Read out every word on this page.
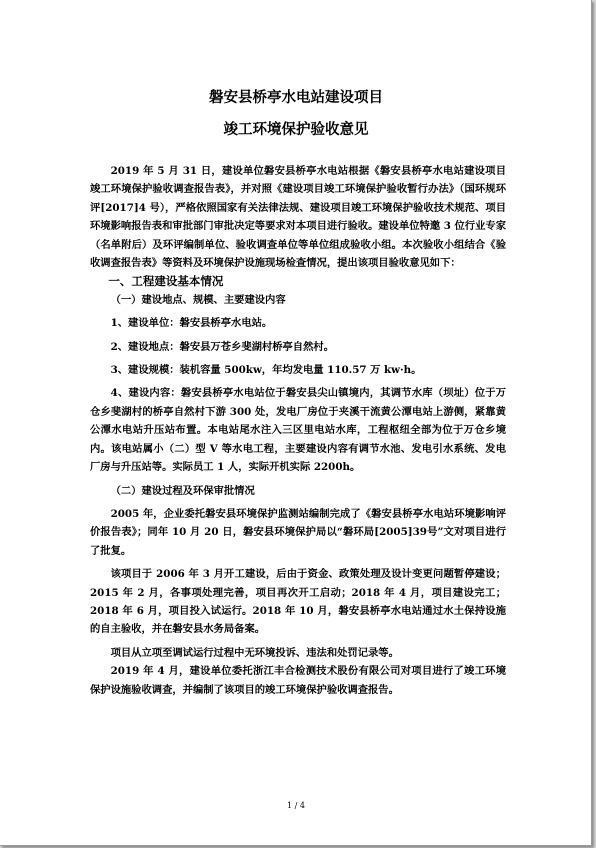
磐安县桥亭水电站建设项目
竣工环境保护验收意见

2019 年 5 月 31 日，建设单位磐安县桥亭水电站根据《磐安县桥亭水电站建设项目竣工环境保护验收调查报告表》，并对照《建设项目竣工环境保护验收暂行办法》（国环规环评[2017]4 号），严格依照国家有关法律法规、建设项目竣工环境保护验收技术规范、项目环境影响报告表和审批部门审批决定等要求对本项目进行验收。建设单位特邀 3 位行业专家（名单附后）及环评编制单位、验收调查单位等单位组成验收小组。本次验收小组结合《验收调查报告表》等资料及环境保护设施现场检查情况，提出该项目验收意见如下：

一、工程建设基本情况

（一）建设地点、规模、主要建设内容

1、建设单位：磐安县桥亭水电站。

2、建设地点：磐安县万苍乡斐湖村桥亭自然村。

3、建设规模：装机容量 500kw，年均发电量 110.57 万 kw·h。

4、建设内容：磐安县桥亭水电站位于磐安县尖山镇境内，其调节水库（坝址）位于万仓乡斐湖村的桥亭自然村下游 300 处，发电厂房位于夹溪干流黄公潭电站上游侧，紧靠黄公潭水电站升压站布置。本电站尾水注入三区里电站水库，工程枢纽全部为位于万仓乡境内。该电站属小（二）型 V 等水电工程，主要建设内容有调节水池、发电引水系统、发电厂房与升压站等。实际员工 1 人，实际开机实际 2200h。

（二）建设过程及环保审批情况

2005 年，企业委托磐安县环境保护监测站编制完成了《磐安县桥亭水电站环境影响评价报告表》；同年 10 月 20 日，磐安县环境保护局以“磐环局[2005]39号”文对项目进行了批复。

该项目于 2006 年 3 月开工建设，后由于资金、政策处理及设计变更问题暂停建设；2015 年 2 月，各事项处理完善，项目再次开工启动；2018 年 4 月，项目建设完工；2018 年 6 月，项目投入试运行。2018 年 10 月，磐安县桥亭水电站通过水土保持设施的自主验收，并在磐安县水务局备案。

项目从立项至调试运行过程中无环境投诉、违法和处罚记录等。

2019 年 4 月，建设单位委托浙江丰合检测技术股份有限公司对项目进行了竣工环境保护设施验收调查，并编制了该项目的竣工环境保护验收调查报告。

1 / 4
